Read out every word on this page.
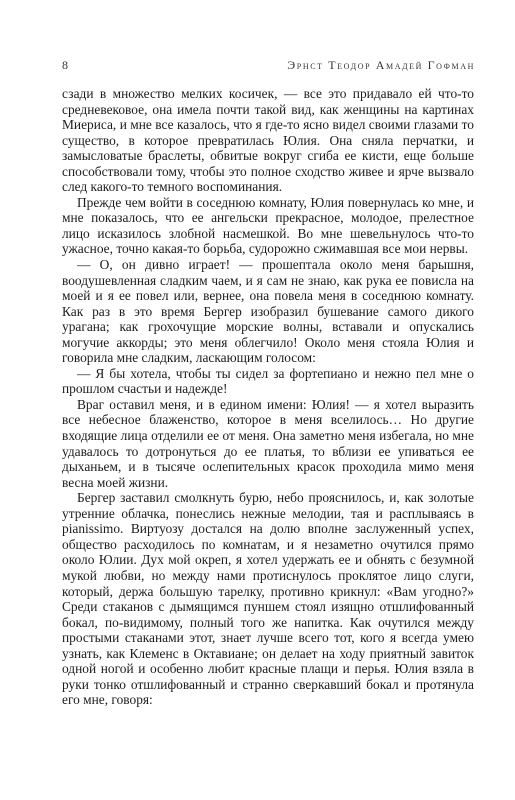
8	Эрнст Теодор Амадей Гофман

сзади в множество мелких косичек, — все это придавало ей что-то средневековое, она имела почти такой вид, как женщины на картинах Миериса, и мне все казалось, что я где-то ясно видел своими глазами то существо, в которое превратилась Юлия. Она сняла перчатки, и замысловатые браслеты, обвитые вокруг сгиба ее кисти, еще больше способствовали тому, чтобы это полное сходство живее и ярче вызвало след какого-то темного воспоминания.

Прежде чем войти в соседнюю комнату, Юлия повернулась ко мне, и мне показалось, что ее ангельски прекрасное, молодое, прелестное лицо исказилось злобной насмешкой. Во мне шевельнулось что-то ужасное, точно какая-то борьба, судорожно сжимавшая все мои нервы.

— О, он дивно играет! — прошептала около меня барышня, воодушевленная сладким чаем, и я сам не знаю, как рука ее повисла на моей и я ее повел или, вернее, она повела меня в соседнюю комнату. Как раз в это время Бергер изобразил бушевание самого дикого урагана; как грохочущие морские волны, вставали и опускались могучие аккорды; это меня облегчило! Около меня стояла Юлия и говорила мне сладким, ласкающим голосом:

— Я бы хотела, чтобы ты сидел за фортепиано и нежно пел мне о прошлом счастьи и надежде!

Враг оставил меня, и в едином имени: Юлия! — я хотел выразить все небесное блаженство, которое в меня вселилось… Но другие входящие лица отделили ее от меня. Она заметно меня избегала, но мне удавалось то дотронуться до ее платья, то вблизи ее упиваться ее дыханьем, и в тысяче ослепительных красок проходила мимо меня весна моей жизни.

Бергер заставил смолкнуть бурю, небо прояснилось, и, как золотые утренние облачка, понеслись нежные мелодии, тая и расплываясь в pianissimo. Виртуозу достался на долю вполне заслуженный успех, общество расходилось по комнатам, и я незаметно очутился прямо около Юлии. Дух мой окреп, я хотел удержать ее и обнять с безумной мукой любви, но между нами протиснулось проклятое лицо слуги, который, держа большую тарелку, противно крикнул: «Вам угодно?» Среди стаканов с дымящимся пуншем стоял изящно отшлифованный бокал, по-видимому, полный того же напитка. Как очутился между простыми стаканами этот, знает лучше всего тот, кого я всегда умею узнать, как Клеменс в Октавиане; он делает на ходу приятный завиток одной ногой и особенно любит красные плащи и перья. Юлия взяла в руки тонко отшлифованный и странно сверкавший бокал и протянула его мне, говоря:
